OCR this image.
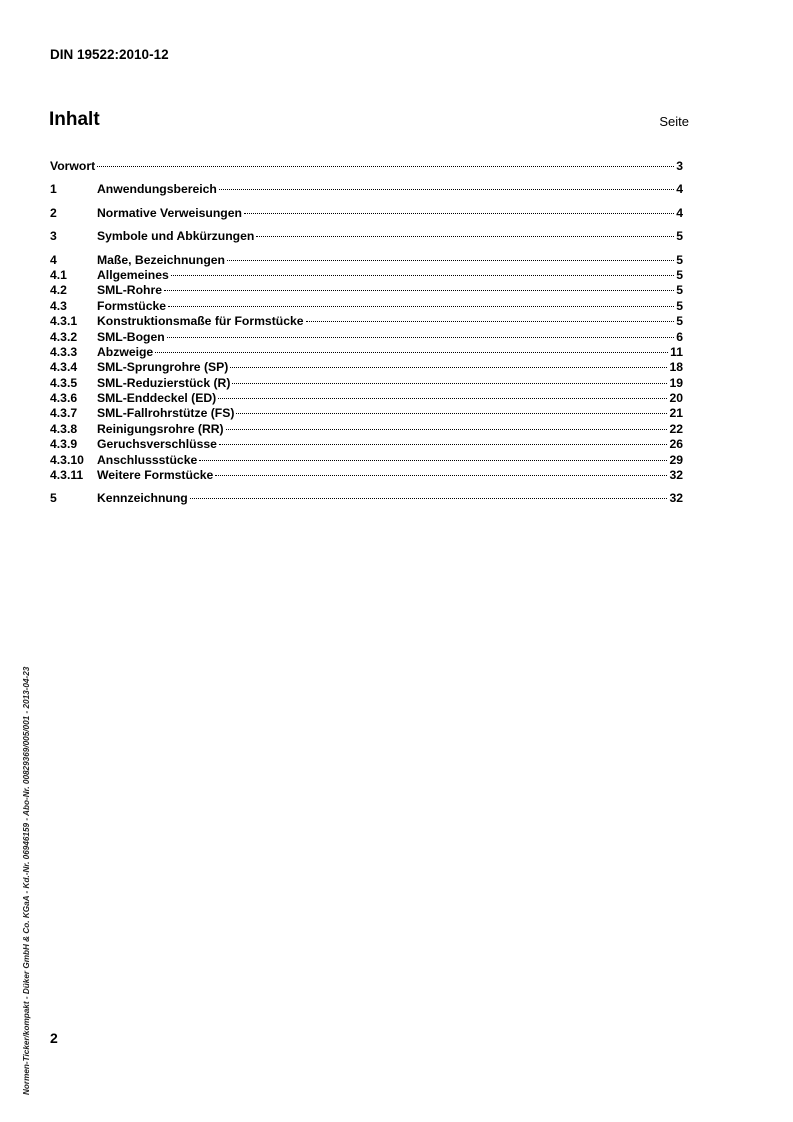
DIN 19522:2010-12
Inhalt	Seite
Vorwort	3
1	Anwendungsbereich	4
2	Normative Verweisungen	4
3	Symbole und Abkürzungen	5
4	Maße, Bezeichnungen	5
4.1	Allgemeines	5
4.2	SML-Rohre	5
4.3	Formstücke	5
4.3.1	Konstruktionsmaße für Formstücke	5
4.3.2	SML-Bogen	6
4.3.3	Abzweige	11
4.3.4	SML-Sprungrohre (SP)	18
4.3.5	SML-Reduzierstück (R)	19
4.3.6	SML-Enddeckel (ED)	20
4.3.7	SML-Fallrohrstütze (FS)	21
4.3.8	Reinigungsrohre (RR)	22
4.3.9	Geruchsverschlüsse	26
4.3.10	Anschlussstücke	29
4.3.11	Weitere Formstücke	32
5	Kennzeichnung	32
2
Normen-Ticker/kompakt - Düker GmbH & Co. KGaA - Kd.-Nr. 06946159 - Abo-Nr. 00829369/005/001 - 2013-04-23
